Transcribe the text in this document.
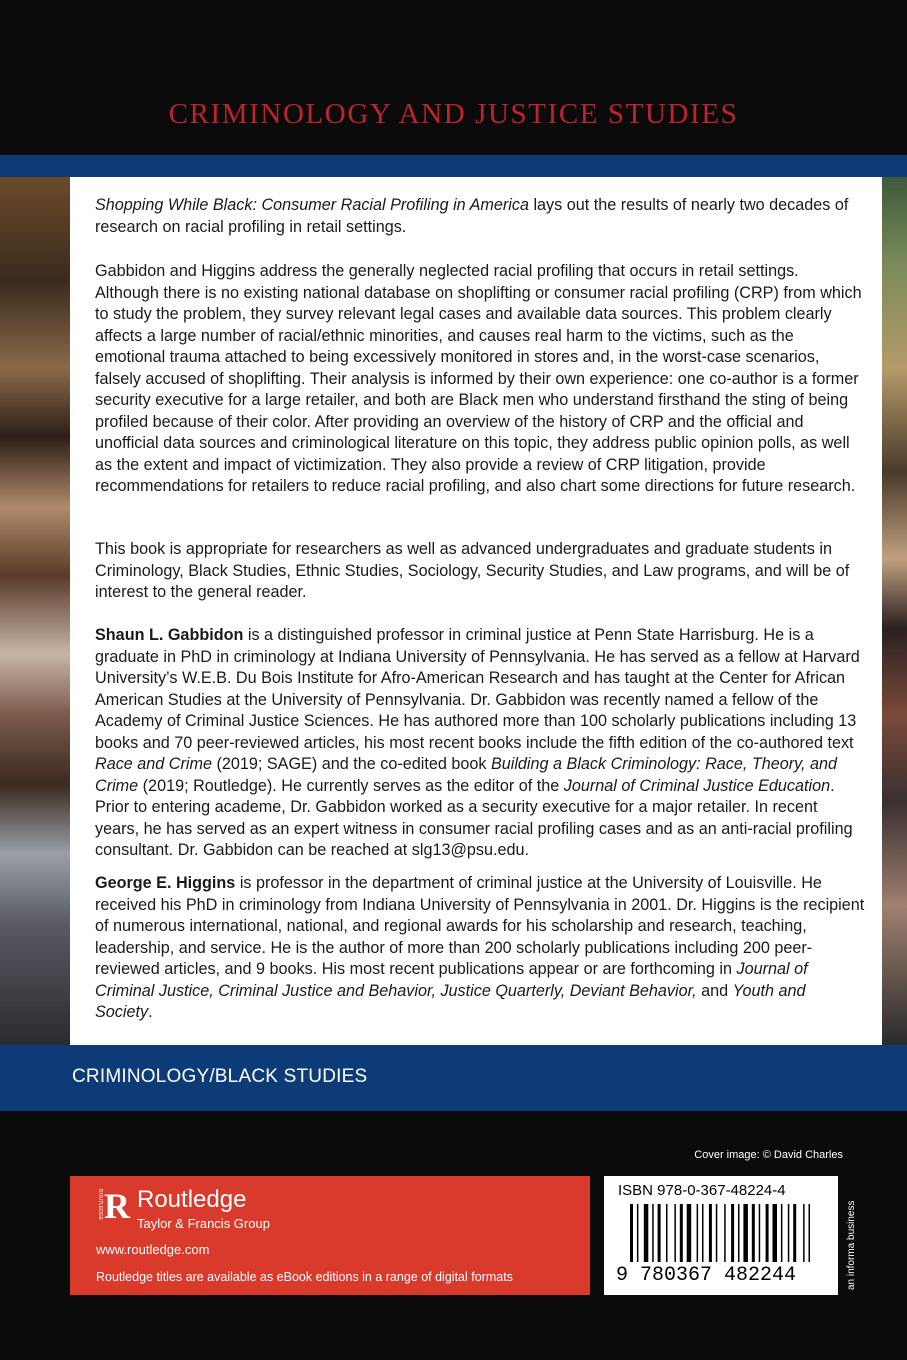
CRIMINOLOGY AND JUSTICE STUDIES

Shopping While Black: Consumer Racial Profiling in America lays out the results of nearly two decades of research on racial profiling in retail settings.

Gabbidon and Higgins address the generally neglected racial profiling that occurs in retail settings. Although there is no existing national database on shoplifting or consumer racial profiling (CRP) from which to study the problem, they survey relevant legal cases and available data sources. This problem clearly affects a large number of racial/ethnic minorities, and causes real harm to the victims, such as the emotional trauma attached to being excessively monitored in stores and, in the worst-case scenarios, falsely accused of shoplifting. Their analysis is informed by their own experience: one co-author is a former security executive for a large retailer, and both are Black men who understand firsthand the sting of being profiled because of their color. After providing an overview of the history of CRP and the official and unofficial data sources and criminological literature on this topic, they address public opinion polls, as well as the extent and impact of victimization. They also provide a review of CRP litigation, provide recommendations for retailers to reduce racial profiling, and also chart some directions for future research.

This book is appropriate for researchers as well as advanced undergraduates and graduate students in Criminology, Black Studies, Ethnic Studies, Sociology, Security Studies, and Law programs, and will be of interest to the general reader.

Shaun L. Gabbidon is a distinguished professor in criminal justice at Penn State Harrisburg. He is a graduate in PhD in criminology at Indiana University of Pennsylvania. He has served as a fellow at Harvard University’s W.E.B. Du Bois Institute for Afro-American Research and has taught at the Center for African American Studies at the University of Pennsylvania. Dr. Gabbidon was recently named a fellow of the Academy of Criminal Justice Sciences. He has authored more than 100 scholarly publications including 13 books and 70 peer-reviewed articles, his most recent books include the fifth edition of the co-authored text Race and Crime (2019; SAGE) and the co-edited book Building a Black Criminology: Race, Theory, and Crime (2019; Routledge). He currently serves as the editor of the Journal of Criminal Justice Education. Prior to entering academe, Dr. Gabbidon worked as a security executive for a major retailer. In recent years, he has served as an expert witness in consumer racial profiling cases and as an anti-racial profiling consultant. Dr. Gabbidon can be reached at slg13@psu.edu.

George E. Higgins is professor in the department of criminal justice at the University of Louisville. He received his PhD in criminology from Indiana University of Pennsylvania in 2001. Dr. Higgins is the recipient of numerous international, national, and regional awards for his scholarship and research, teaching, leadership, and service. He is the author of more than 200 scholarly publications including 200 peer-reviewed articles, and 9 books. His most recent publications appear or are forthcoming in Journal of Criminal Justice, Criminal Justice and Behavior, Justice Quarterly, Deviant Behavior, and Youth and Society.

CRIMINOLOGY/BLACK STUDIES
Cover image: © David Charles
R
ROUTLEDGE Routledge
Taylor & Francis Group
www.routledge.com
Routledge titles are available as eBook editions in a range of digital formats
ISBN 978-0-367-48224-4
9 780367 482244	an informa business
